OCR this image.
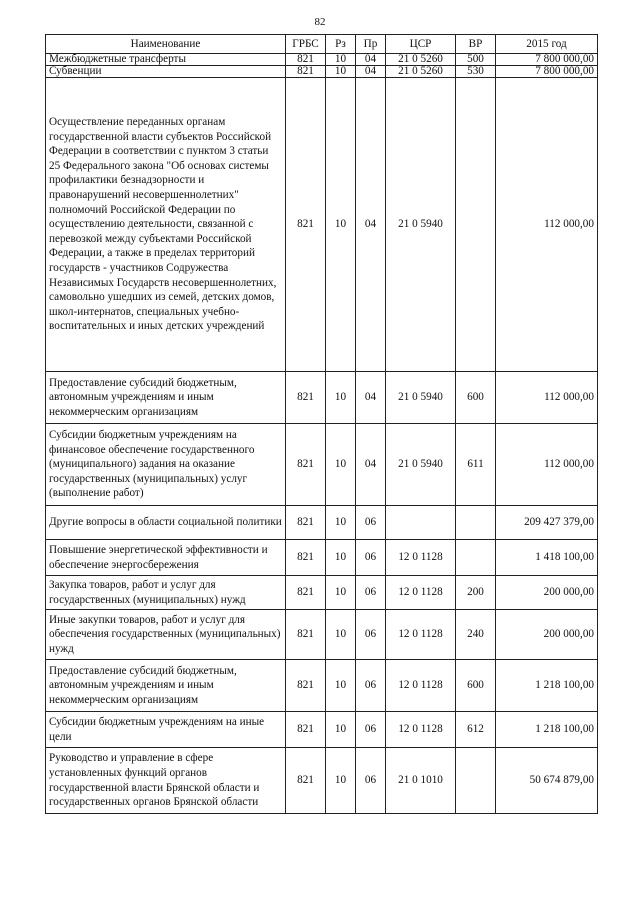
82
Наименование	ГРБС	Рз	Пр	ЦСР	ВР	2015 год
Межбюджетные трансферты	821	10	04	21 0 5260	500	7 800 000,00
Субвенции	821	10	04	21 0 5260	530	7 800 000,00
Осуществление переданных органам государственной власти субъектов Российской Федерации в соответствии с пунктом 3 статьи 25 Федерального закона "Об основах системы профилактики безнадзорности и правонарушений несовершеннолетних" полномочий Российской Федерации по осуществлению деятельности, связанной с перевозкой между субъектами Российской Федерации, а также в пределах территорий государств - участников Содружества Независимых Государств несовершеннолетних, самовольно ушедших из семей, детских домов, школ-интернатов, специальных учебно-воспитательных и иных детских учреждений	821	10	04	21 0 5940		112 000,00
Предоставление субсидий бюджетным, автономным учреждениям и иным некоммерческим организациям	821	10	04	21 0 5940	600	112 000,00
Субсидии бюджетным учреждениям на финансовое обеспечение государственного (муниципального) задания на оказание государственных (муниципальных) услуг (выполнение работ)	821	10	04	21 0 5940	611	112 000,00
Другие вопросы в области социальной политики	821	10	06			209 427 379,00
Повышение энергетической эффективности и обеспечение энергосбережения	821	10	06	12 0 1128		1 418 100,00
Закупка товаров, работ и услуг для государственных (муниципальных) нужд	821	10	06	12 0 1128	200	200 000,00
Иные закупки товаров, работ и услуг для обеспечения государственных (муниципальных) нужд	821	10	06	12 0 1128	240	200 000,00
Предоставление субсидий бюджетным, автономным учреждениям и иным некоммерческим организациям	821	10	06	12 0 1128	600	1 218 100,00
Субсидии бюджетным учреждениям на иные цели	821	10	06	12 0 1128	612	1 218 100,00
Руководство и управление в сфере установленных функций органов государственной власти Брянской области и государственных органов Брянской области	821	10	06	21 0 1010		50 674 879,00
